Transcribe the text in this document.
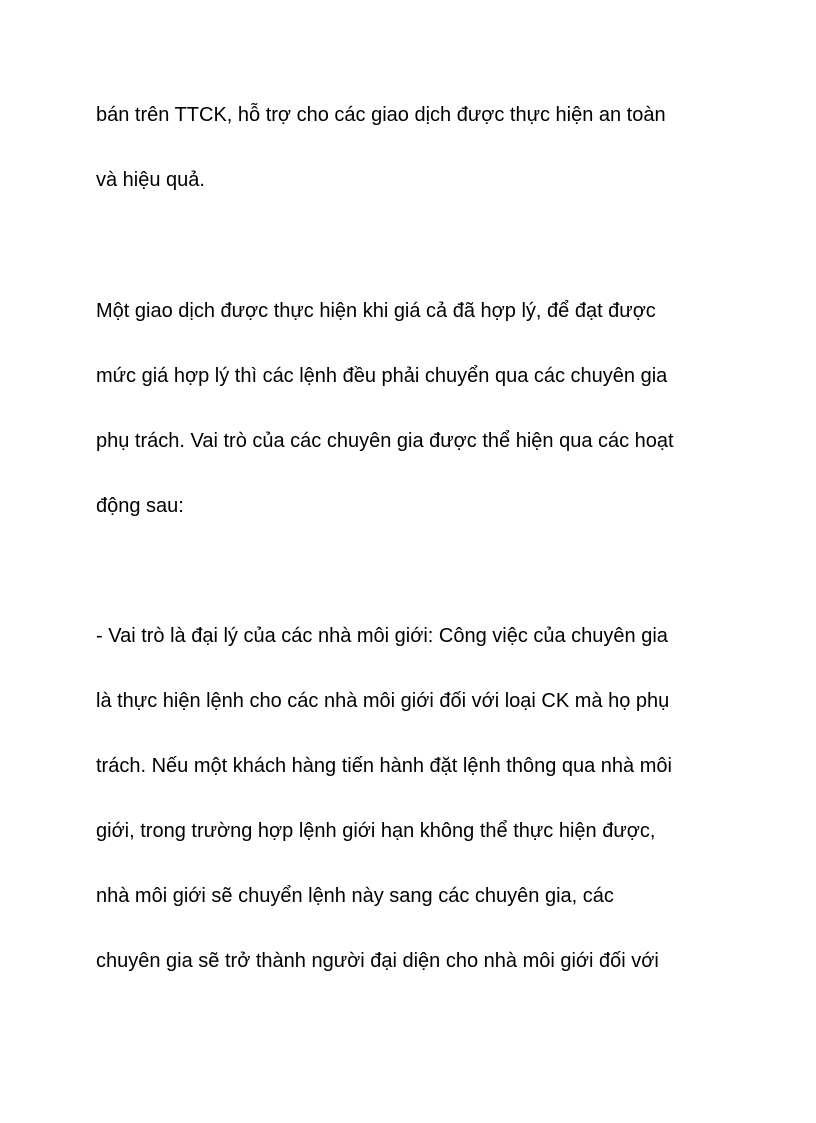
bán trên TTCK, hỗ trợ cho các giao dịch được thực hiện an toàn

và hiệu quả.

Một giao dịch được thực hiện khi giá cả đã hợp lý, để đạt được

mức giá hợp lý thì các lệnh đều phải chuyển qua các chuyên gia

phụ trách. Vai trò của các chuyên gia được thể hiện qua các hoạt

động sau:

- Vai trò là đại lý của các nhà môi giới: Công việc của chuyên gia

là thực hiện lệnh cho các nhà môi giới đối với loại CK mà họ phụ

trách. Nếu một khách hàng tiến hành đặt lệnh thông qua nhà môi

giới, trong trường hợp lệnh giới hạn không thể thực hiện được,

nhà môi giới sẽ chuyển lệnh này sang các chuyên gia, các

chuyên gia sẽ trở thành người đại diện cho nhà môi giới đối với
